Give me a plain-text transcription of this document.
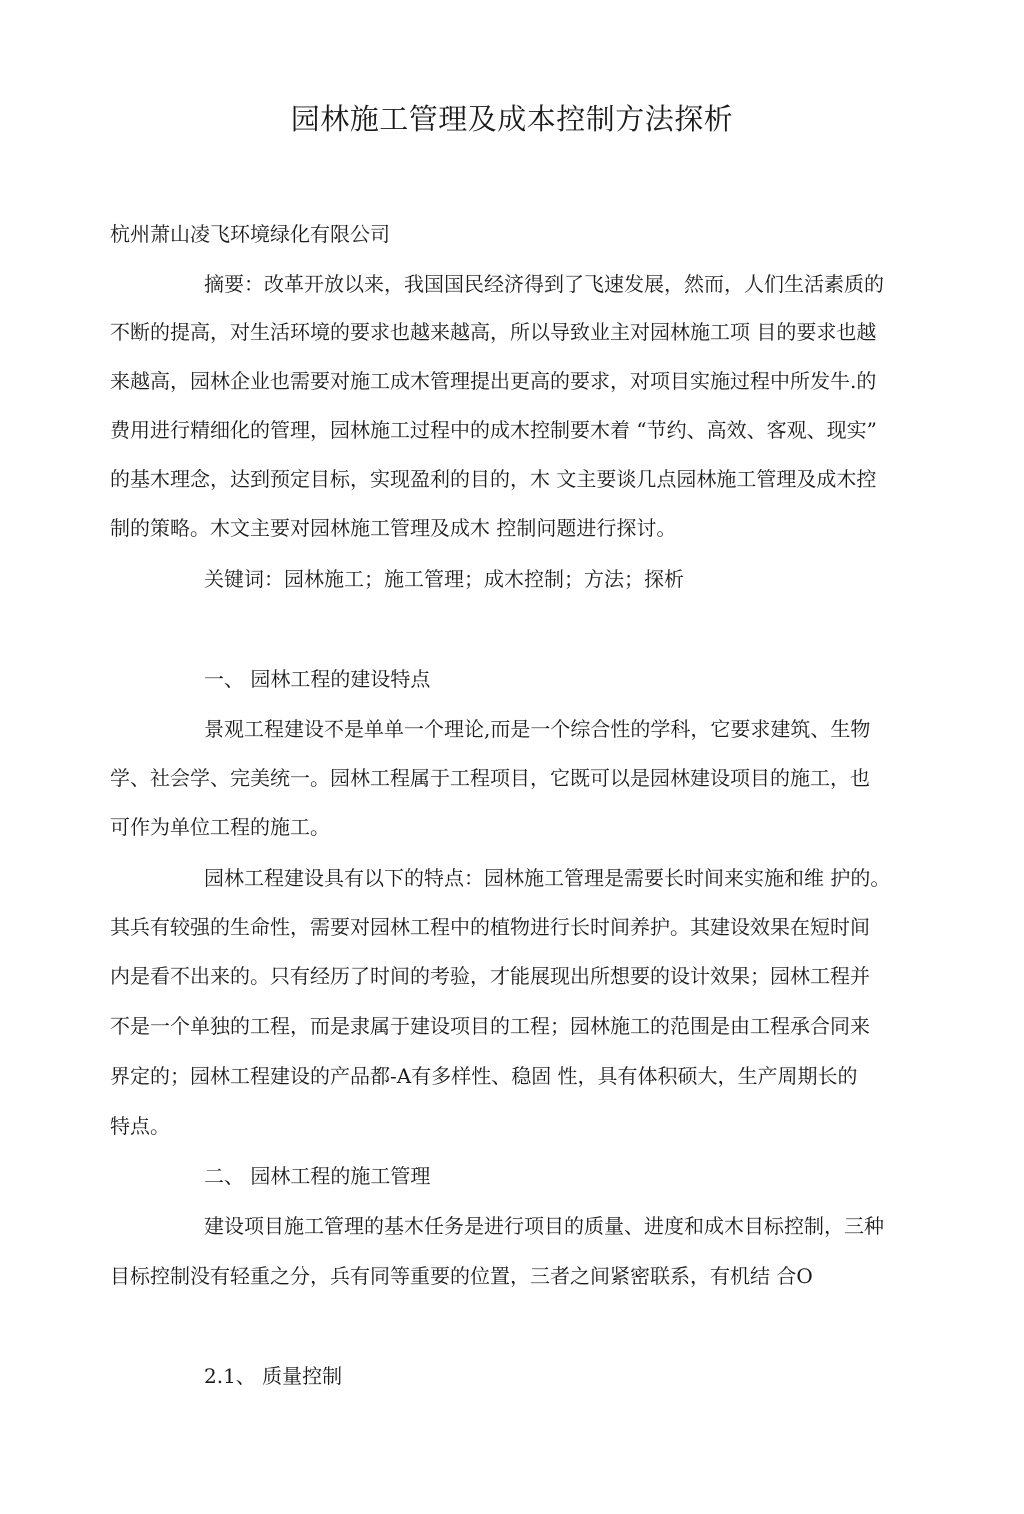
园林施工管理及成本控制方法探析
杭州萧山凌飞环境绿化有限公司
摘要：改革开放以来，我国国民经济得到了飞速发展，然而，人们生活素质的
不断的提高，对生活环境的要求也越来越高，所以导致业主对园林施工项 目的要求也越
来越高，园林企业也需要对施工成木管理提出更高的要求，对项目实施过程中所发牛.的
费用进行精细化的管理，园林施工过程中的成木控制要木着 “节约、高效、客观、现实”
的基木理念，达到预定目标，实现盈利的目的，木 文主要谈几点园林施工管理及成木控
制的策略。木文主要对园林施工管理及成木 控制问题进行探讨。
关键词：园林施工；施工管理；成木控制；方法；探析
一、 园林工程的建设特点
景观工程建设不是单单一个理论,而是一个综合性的学科，它要求建筑、生物
学、社会学、完美统一。园林工程属于工程项目，它既可以是园林建设项目的施工，也
可作为单位工程的施工。
园林工程建设具有以下的特点：园林施工管理是需要长时间来实施和维 护的。
其兵有较强的生命性，需要对园林工程中的植物进行长时间养护。其建设效果在短时间
内是看不出来的。只有经历了时间的考验，才能展现出所想要的设计效果；园林工程并
不是一个单独的工程，而是隶属于建设项目的工程；园林施工的范围是由工程承合同来
界定的；园林工程建设的产品都-A有多样性、稳固 性，具有体积硕大，生产周期长的
特点。
二、 园林工程的施工管理
建设项目施工管理的基木任务是进行项目的质量、进度和成木目标控制，三种
目标控制没有轻重之分，兵有同等重要的位置，三者之间紧密联系，有机结 合O
2.1、 质量控制
